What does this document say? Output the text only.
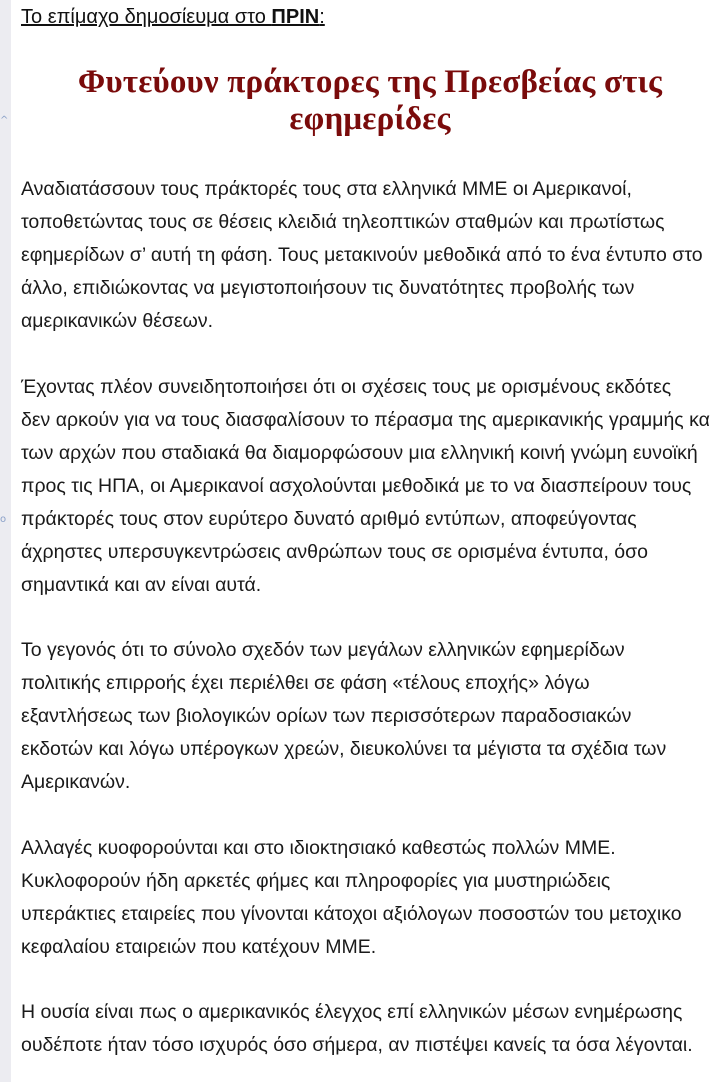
^
o
Το επίμαχο δημοσίευμα στο ΠΡΙΝ:
Φυτεύουν πράκτορες της Πρεσβείας στις
εφημερίδες
Αναδιατάσσουν τους πράκτορές τους στα ελληνικά ΜΜΕ οι Αμερικανοί,
τοποθετώντας τους σε θέσεις κλειδιά τηλεοπτικών σταθμών και πρωτίστως
εφημερίδων σ’ αυτή τη φάση. Τους μετακινούν μεθοδικά από το ένα έντυπο στο
άλλο, επιδιώκοντας να μεγιστοποιήσουν τις δυνατότητες προβολής των
αμερικανικών θέσεων.
Έχοντας πλέον συνειδητοποιήσει ότι οι σχέσεις τους με ορισμένους εκδότες
δεν αρκούν για να τους διασφαλίσουν το πέρασμα της αμερικανικής γραμμής κα
των αρχών που σταδιακά θα διαμορφώσουν μια ελληνική κοινή γνώμη ευνοϊκή
προς τις ΗΠΑ, οι Αμερικανοί ασχολούνται μεθοδικά με το να διασπείρουν τους
πράκτορές τους στον ευρύτερο δυνατό αριθμό εντύπων, αποφεύγοντας
άχρηστες υπερσυγκεντρώσεις ανθρώπων τους σε ορισμένα έντυπα, όσο
σημαντικά και αν είναι αυτά.
Το γεγονός ότι το σύνολο σχεδόν των μεγάλων ελληνικών εφημερίδων
πολιτικής επιρροής έχει περιέλθει σε φάση «τέλους εποχής» λόγω
εξαντλήσεως των βιολογικών ορίων των περισσότερων παραδοσιακών
εκδοτών και λόγω υπέρογκων χρεών, διευκολύνει τα μέγιστα τα σχέδια των
Αμερικανών.
Αλλαγές κυοφορούνται και στο ιδιοκτησιακό καθεστώς πολλών ΜΜΕ.
Κυκλοφορούν ήδη αρκετές φήμες και πληροφορίες για μυστηριώδεις
υπεράκτιες εταιρείες που γίνονται κάτοχοι αξιόλογων ποσοστών του μετοχικο
κεφαλαίου εταιρειών που κατέχουν ΜΜΕ.
Η ουσία είναι πως ο αμερικανικός έλεγχος επί ελληνικών μέσων ενημέρωσης
ουδέποτε ήταν τόσο ισχυρός όσο σήμερα, αν πιστέψει κανείς τα όσα λέγονται.
